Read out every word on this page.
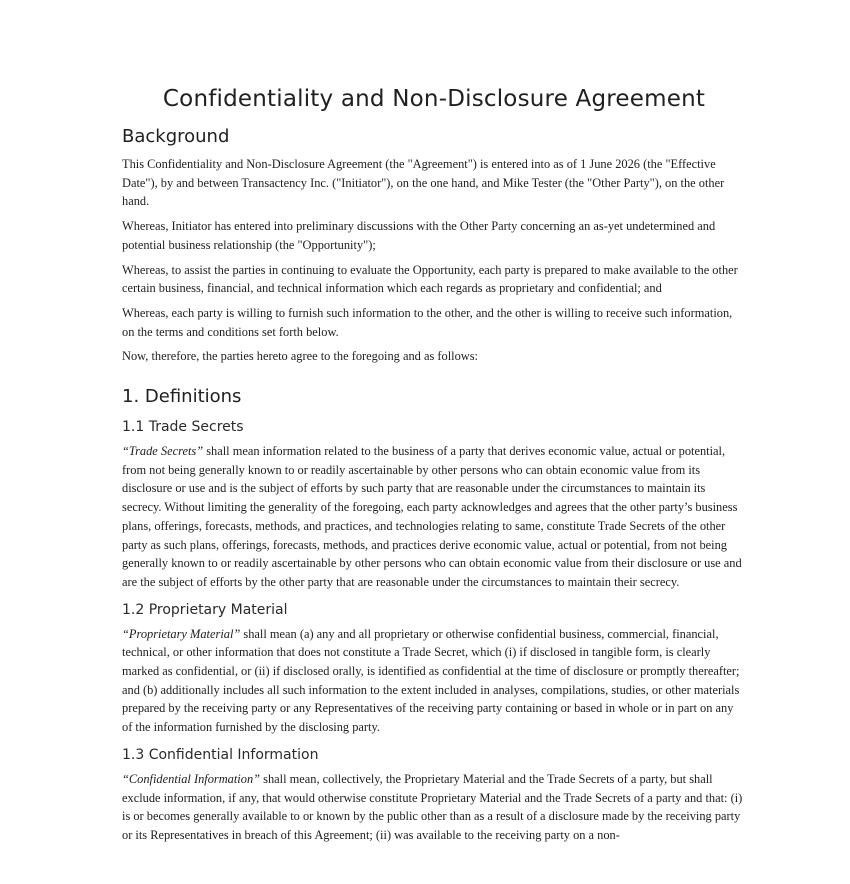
Confidentiality and Non-Disclosure Agreement
Background

This Confidentiality and Non-Disclosure Agreement (the "Agreement") is entered into as of 1 June 2026 (the "Effective Date"), by and between Transactency Inc. ("Initiator"), on the one hand, and Mike Tester (the "Other Party"), on the other hand.

Whereas, Initiator has entered into preliminary discussions with the Other Party concerning an as-yet undetermined and potential business relationship (the "Opportunity");

Whereas, to assist the parties in continuing to evaluate the Opportunity, each party is prepared to make available to the other certain business, financial, and technical information which each regards as proprietary and confidential; and

Whereas, each party is willing to furnish such information to the other, and the other is willing to receive such information, on the terms and conditions set forth below.

Now, therefore, the parties hereto agree to the foregoing and as follows:

1. Definitions
1.1 Trade Secrets

“Trade Secrets” shall mean information related to the business of a party that derives economic value, actual or potential, from not being generally known to or readily ascertainable by other persons who can obtain economic value from its disclosure or use and is the subject of efforts by such party that are reasonable under the circumstances to maintain its secrecy. Without limiting the generality of the foregoing, each party acknowledges and agrees that the other party’s business plans, offerings, forecasts, methods, and practices, and technologies relating to same, constitute Trade Secrets of the other party as such plans, offerings, forecasts, methods, and practices derive economic value, actual or potential, from not being generally known to or readily ascertainable by other persons who can obtain economic value from their disclosure or use and are the subject of efforts by the other party that are reasonable under the circumstances to maintain their secrecy.

1.2 Proprietary Material

“Proprietary Material” shall mean (a) any and all proprietary or otherwise confidential business, commercial, financial, technical, or other information that does not constitute a Trade Secret, which (i) if disclosed in tangible form, is clearly marked as confidential, or (ii) if disclosed orally, is identified as confidential at the time of disclosure or promptly thereafter; and (b) additionally includes all such information to the extent included in analyses, compilations, studies, or other materials prepared by the receiving party or any Representatives of the receiving party containing or based in whole or in part on any of the information furnished by the disclosing party.

1.3 Confidential Information

“Confidential Information” shall mean, collectively, the Proprietary Material and the Trade Secrets of a party, but shall exclude information, if any, that would otherwise constitute Proprietary Material and the Trade Secrets of a party and that: (i) is or becomes generally available to or known by the public other than as a result of a disclosure made by the receiving party or its Representatives in breach of this Agreement; (ii) was available to the receiving party on a non-
